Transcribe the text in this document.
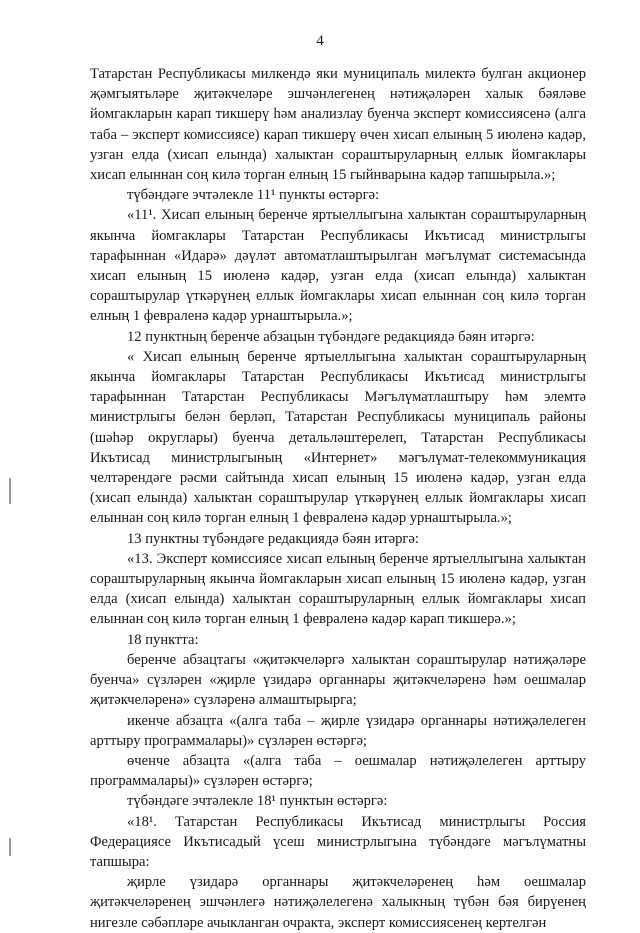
4

Татарстан Республикасы милкендә яки муниципаль милектә булган акционер җәмгыятьләре җитәкчеләре эшчәнлегенең нәтиҗәләрен халык бәяләве йомгакларын карап тикшерү һәм анализлау буенча эксперт комиссиясенә (алга таба – эксперт комиссиясе) карап тикшерү өчен хисап елының 5 июленә кадәр, узган елда (хисап елында) халыктан сораштыруларның еллык йомгаклары хисап елыннан соң килә торган елның 15 гыйнварына кадәр тапшырыла.»;

түбәндәге эчтәлекле 11¹ пункты өстәргә:

«11¹. Хисап елының беренче яртыеллыгына халыктан сораштыруларның якынча йомгаклары Татарстан Республикасы Икътисад министрлыгы тарафыннан «Идарә» дәүләт автоматлаштырылган мәгълүмат системасында хисап елының 15 июленә кадәр, узган елда (хисап елында) халыктан сораштырулар үткәрүнең еллык йомгаклары хисап елыннан соң килә торган елның 1 февраленә кадәр урнаштырыла.»;

12 пунктның беренче абзацын түбәндәге редакциядә бәян итәргә:

« Хисап елының беренче яртыеллыгына халыктан сораштыруларның якынча йомгаклары Татарстан Республикасы Икътисад министрлыгы тарафыннан Татарстан Республикасы Мәгълүматлаштыру һәм элемтә министрлыгы белән берләп, Татарстан Республикасы муниципаль районы (шәһәр округлары) буенча детальләштерелеп, Татарстан Республикасы Икътисад министрлыгының «Интернет» мәгълүмат-телекоммуникация челтәрендәге рәсми сайтында хисап елының 15 июленә кадәр, узган елда (хисап елында) халыктан сораштырулар үткәрүнең еллык йомгаклары хисап елыннан соң килә торган елның 1 февраленә кадәр урнаштырыла.»;

13 пунктны түбәндәге редакциядә бәян итәргә:

«13. Эксперт комиссиясе хисап елының беренче яртыеллыгына халыктан сораштыруларның якынча йомгакларын хисап елының 15 июленә кадәр, узган елда (хисап елында) халыктан сораштыруларның еллык йомгаклары хисап елыннан соң килә торган елның 1 февраленә кадәр карап тикшерә.»;

18 пунктта:

беренче абзацтагы «җитәкчеләргә халыктан сораштырулар нәтиҗәләре буенча» сүзләрен «җирле үзидарә органнары җитәкчеләренә һәм оешмалар җитәкчеләренә» сүзләренә алмаштырырга;

икенче абзацта «(алга таба – җирле үзидарә органнары нәтиҗәлелеген арттыру программалары)» сүзләрен өстәргә;

өченче абзацта «(алга таба – оешмалар нәтиҗәлелеген арттыру программалары)» сүзләрен өстәргә;

түбәндәге эчтәлекле 18¹ пунктын өстәргә:

«18¹. Татарстан Республикасы Икътисад министрлыгы Россия Федерациясе Икътисадый үсеш министрлыгына түбәндәге мәгълүматны тапшыра:

җирле үзидарә органнары җитәкчеләренең һәм оешмалар җитәкчеләренең эшчәнлегә нәтиҗәлелегенә халыкның түбән бәя бирүенең нигезле сәбәпләре ачыкланган очракта, эксперт комиссиясенең кертелгән
